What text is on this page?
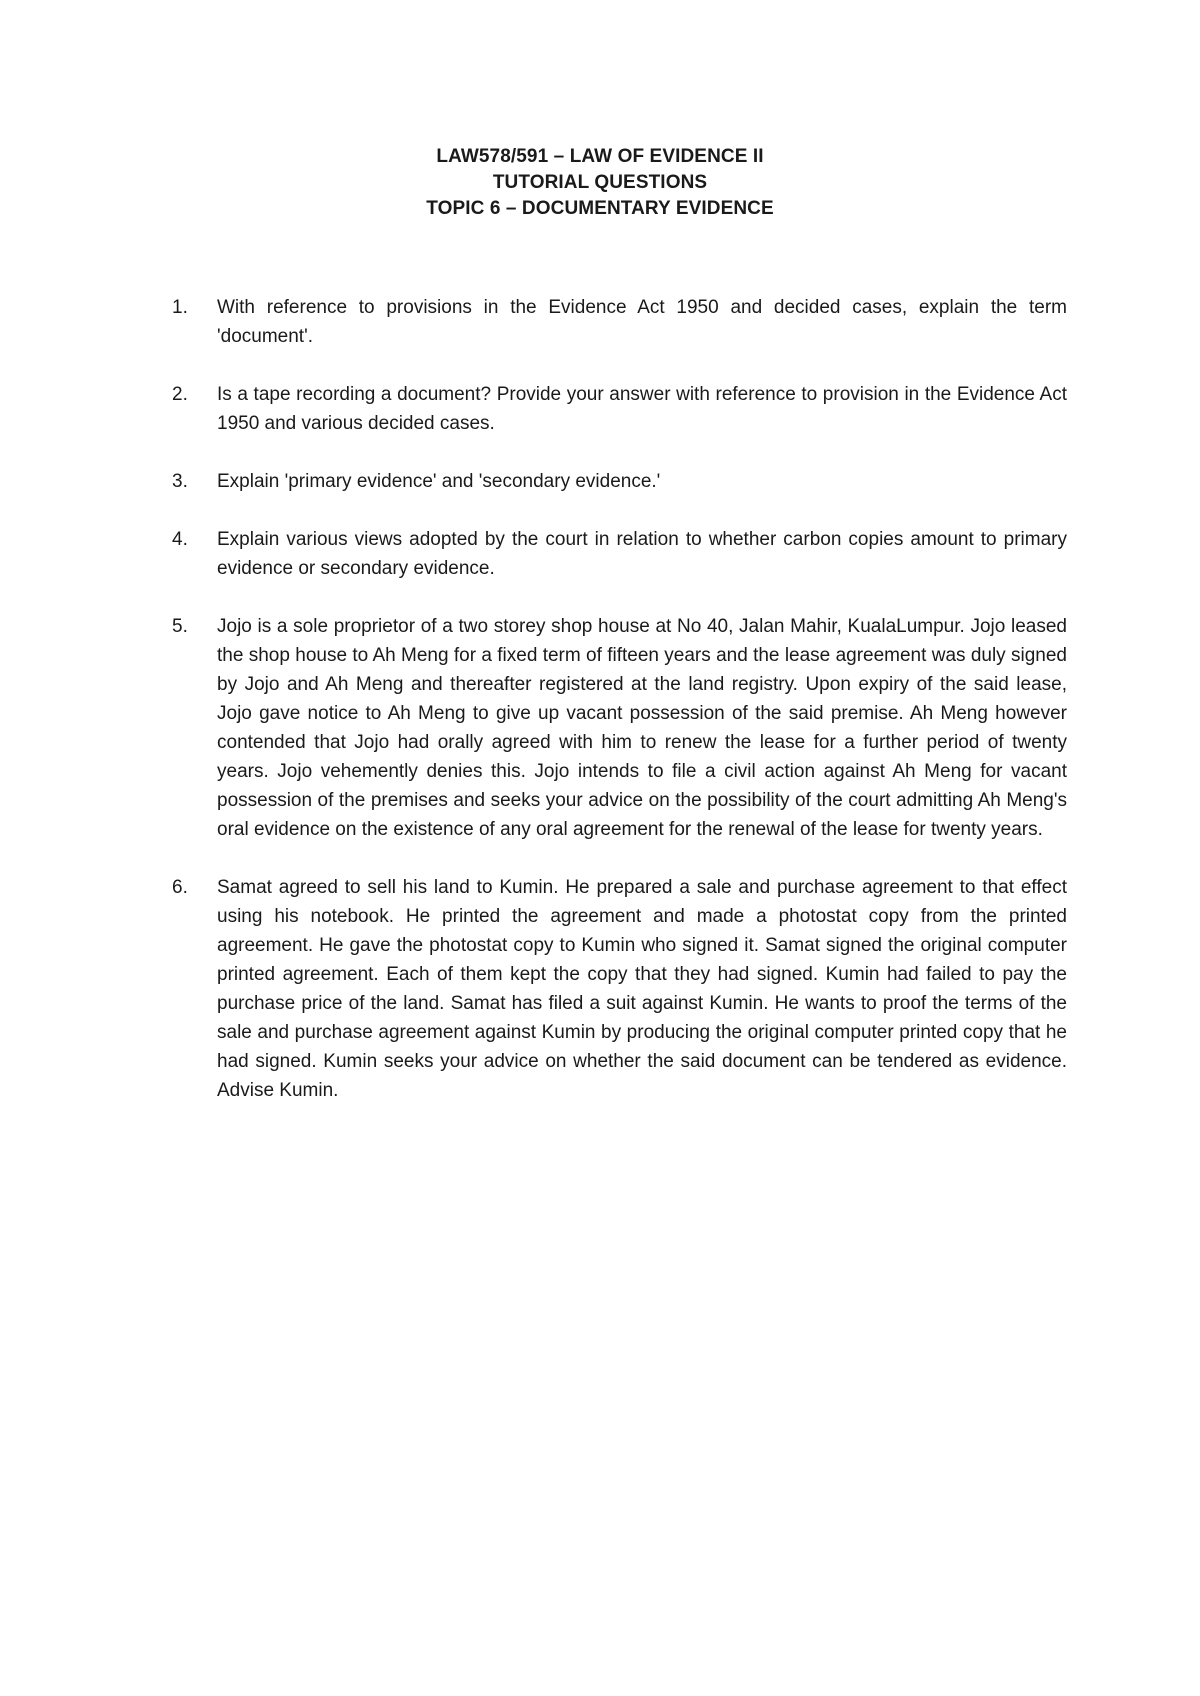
LAW578/591 – LAW OF EVIDENCE II
TUTORIAL QUESTIONS
TOPIC 6 – DOCUMENTARY EVIDENCE
1.	With reference to provisions in the Evidence Act 1950 and decided cases, explain the term 'document'.
2.	Is a tape recording a document? Provide your answer with reference to provision in the Evidence Act 1950 and various decided cases.
3.	Explain 'primary evidence' and 'secondary evidence.'
4.	Explain various views adopted by the court in relation to whether carbon copies amount to primary evidence or secondary evidence.
5.	Jojo is a sole proprietor of a two storey shop house at No 40, Jalan Mahir, KualaLumpur. Jojo leased the shop house to Ah Meng for a fixed term of fifteen years and the lease agreement was duly signed by Jojo and Ah Meng and thereafter registered at the land registry. Upon expiry of the said lease, Jojo gave notice to Ah Meng to give up vacant possession of the said premise. Ah Meng however contended that Jojo had orally agreed with him to renew the lease for a further period of twenty years. Jojo vehemently denies this. Jojo intends to file a civil action against Ah Meng for vacant possession of the premises and seeks your advice on the possibility of the court admitting Ah Meng's oral evidence on the existence of any oral agreement for the renewal of the lease for twenty years.
6.	Samat agreed to sell his land to Kumin. He prepared a sale and purchase agreement to that effect using his notebook. He printed the agreement and made a photostat copy from the printed agreement. He gave the photostat copy to Kumin who signed it. Samat signed the original computer printed agreement. Each of them kept the copy that they had signed. Kumin had failed to pay the purchase price of the land. Samat has filed a suit against Kumin. He wants to proof the terms of the sale and purchase agreement against Kumin by producing the original computer printed copy that he had signed. Kumin seeks your advice on whether the said document can be tendered as evidence. Advise Kumin.
